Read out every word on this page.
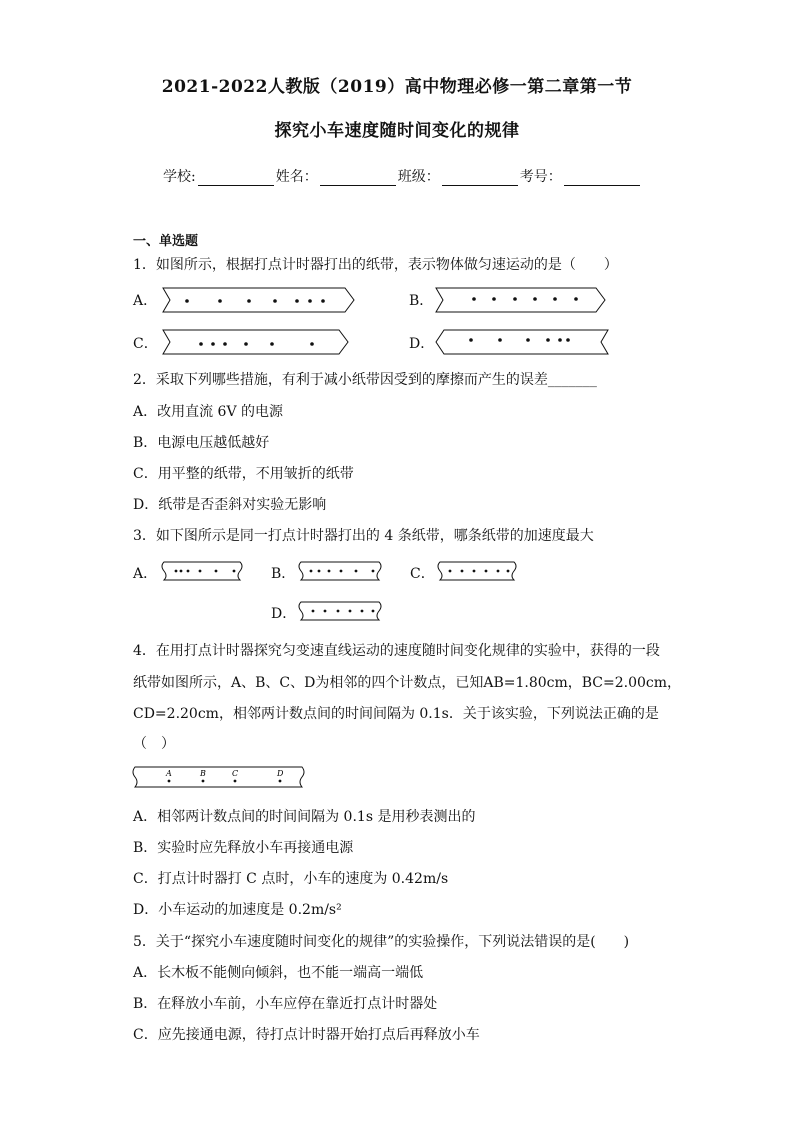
2021-2022人教版（2019）高中物理必修一第二章第一节
探究小车速度随时间变化的规律
学校:	姓名：	班级：	考号：
一、单选题
1．如图所示，根据打点计时器打出的纸带，表示物体做匀速运动的是（　　）
A．	B．
C．	D．
2．采取下列哪些措施，有利于减小纸带因受到的摩擦而产生的误差_______
A．改用直流 6V 的电源
B．电源电压越低越好
C．用平整的纸带，不用皱折的纸带
D．纸带是否歪斜对实验无影响
3．如下图所示是同一打点计时器打出的 4 条纸带，哪条纸带的加速度最大
A．	B．	C．
D．
4．在用打点计时器探究匀变速直线运动的速度随时间变化规律的实验中，获得的一段
纸带如图所示，A、B、C、D为相邻的四个计数点，已知AB=1.80cm，BC=2.00cm，
CD=2.20cm，相邻两计数点间的时间间隔为 0.1s．关于该实验，下列说法正确的是
（　）
A	B	C	D
A．相邻两计数点间的时间间隔为 0.1s 是用秒表测出的
B．实验时应先释放小车再接通电源
C．打点计时器打 C 点时，小车的速度为 0.42m/s
D．小车运动的加速度是 0.2m/s²
5．关于“探究小车速度随时间变化的规律”的实验操作，下列说法错误的是(　　)
A．长木板不能侧向倾斜，也不能一端高一端低
B．在释放小车前，小车应停在靠近打点计时器处
C．应先接通电源，待打点计时器开始打点后再释放小车
